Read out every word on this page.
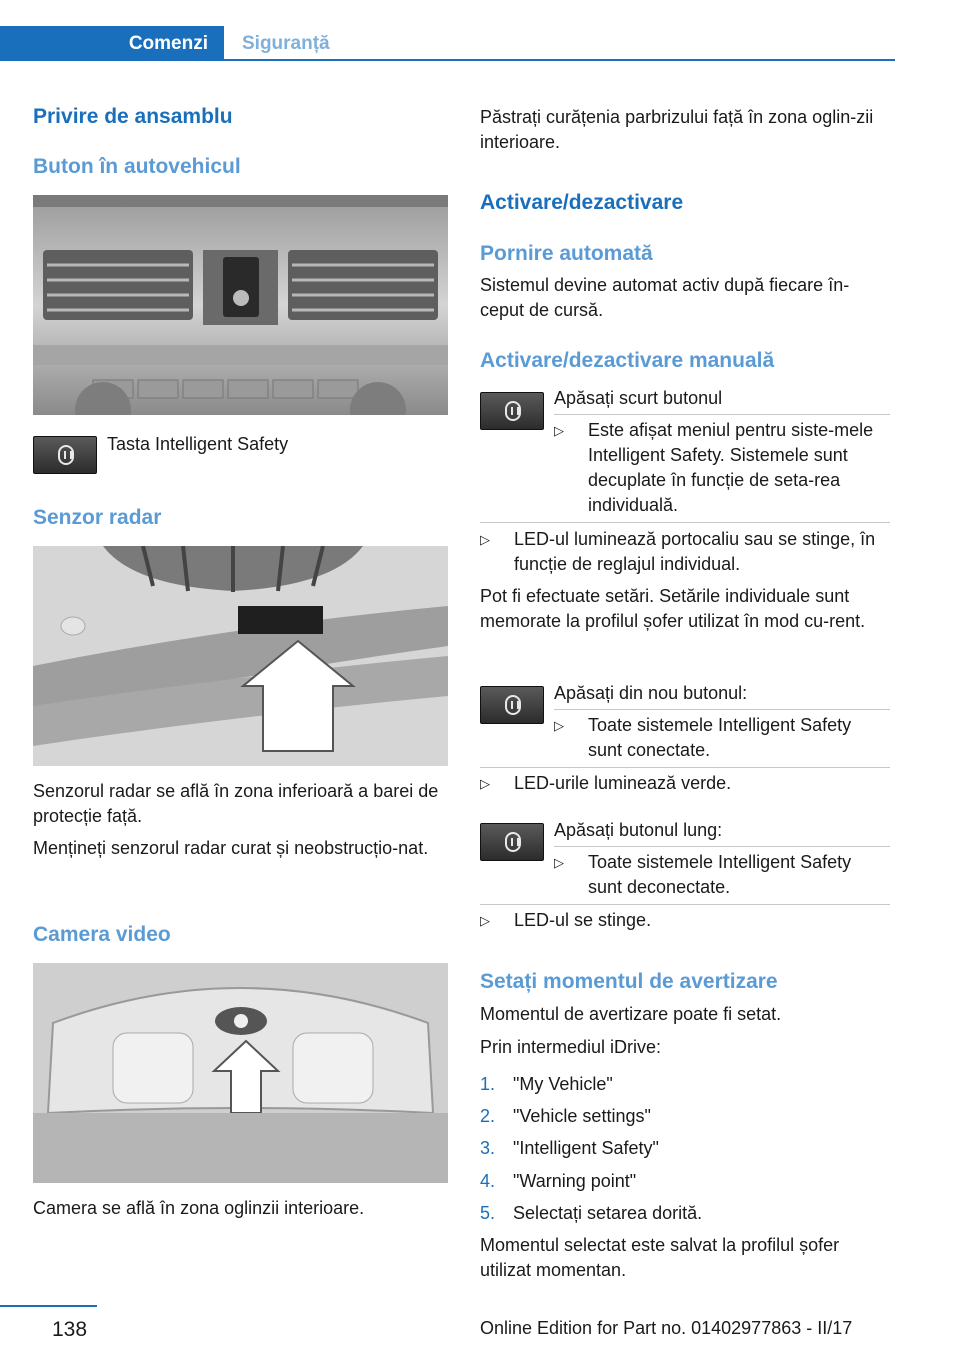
Comenzi Siguranță
Privire de ansamblu
Buton în autovehicul
Tasta Intelligent Safety
Senzor radar
Senzorul radar se află în zona inferioară a barei de protecție față.
Mențineți senzorul radar curat și neobstrucțio‐nat.
Camera video
Camera se află în zona oglinzii interioare.
Păstrați curățenia parbrizului față în zona oglin‐zii interioare.
Activare/dezactivare
Pornire automată
Sistemul devine automat activ după fiecare în‐ceput de cursă.
Activare/dezactivare manuală
Apăsați scurt butonul
▷ Este afișat meniul pentru siste‐mele Intelligent Safety. Sistemele sunt decuplate în funcție de seta‐rea individuală.
▷ LED-ul luminează portocaliu sau se stinge, în funcție de reglajul individual.
Pot fi efectuate setări. Setările individuale sunt memorate la profilul șofer utilizat în mod cu‐rent.
Apăsați din nou butonul:
▷ Toate sistemele Intelligent Safety sunt conectate.
▷ LED-urile luminează verde.
Apăsați butonul lung:
▷ Toate sistemele Intelligent Safety sunt deconectate.
▷ LED-ul se stinge.
Setați momentul de avertizare
Momentul de avertizare poate fi setat.
Prin intermediul iDrive:
1. "My Vehicle"
2. "Vehicle settings"
3. "Intelligent Safety"
4. "Warning point"
5. Selectați setarea dorită.
Momentul selectat este salvat la profilul șofer utilizat momentan.
138	Online Edition for Part no. 01402977863 - II/17
